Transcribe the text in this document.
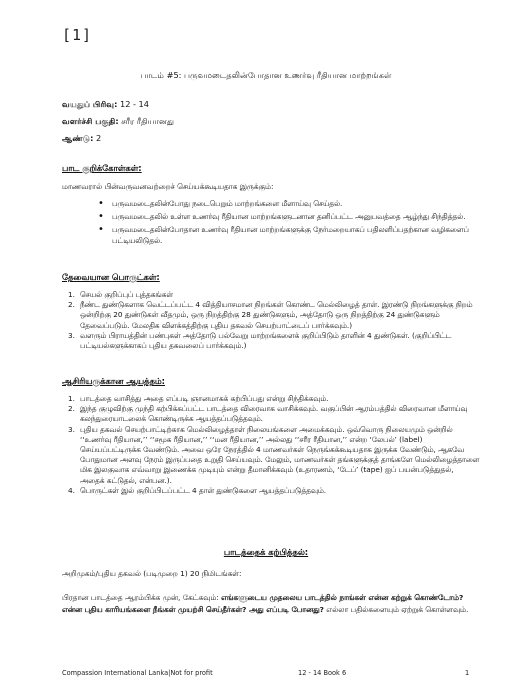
[1]
பாடம் #5: பருவமடைதலின்போதான உணர்வு ரீதியான மாற்றங்கள்
வயதுப் பிரிவு: 12 - 14
வளர்ச்சி பகுதி: சரீர ரீதியானது
ஆண்டு: 2
பாட குறிக்கோள்கள்:
மாணவரால் பின்வருவனவற்றைச் செய்யக்கூடியதாக இருக்கும்:
• பருவமடைதலின்போது நடைபெறும் மாற்றங்களை மீளாய்வு செய்தல்.
• பருவமடைதலில் உள்ள உணர்வு ரீதியான மாற்றங்களுடனான தனிப்பட்ட அனுபவத்தை ஆழ்ந்து சிந்தித்தல்.
• பருவமடைதலின்போதான உணர்வு ரீதியான மாற்றங்களுக்கு நேர்மறையாகப் பதிலளிப்பதற்கான வழிகளைப் பட்டியலிடுதல்.
தேவையான பொருட்கள்:
1. செயல் குறிப்புப் புத்தகங்கள்
2. நீண்ட துண்டுகளாக வெட்டப்பட்ட 4 வித்தியாசமான நிறங்கள் கொண்ட மெல்லிழைத் தாள். இரண்டு நிறங்களுக்கு நிறம் ஒன்றிற்கு 20 துண்டுகள் வீதமும், ஒரு நிறத்திற்கு 28 துண்டுகளும், அத்தோடு ஒரு நிறத்திற்கு 24 துண்டுகளும் தேவைப்படும். மேலதிக விளக்கத்திற்கு புதிய தகவல் செயற்பாட்டைப் பார்க்கவும்.)
3. வளரும் பிராயத்தின் பண்புகள் அத்தோடு பல்வேறு மாற்றங்களைக் குறிப்பிடும் தாளின் 4 துண்டுகள். (குறிப்பிட்ட பட்டியல்களுக்காகப் புதிய தகவலைப் பார்க்கவும்.)
ஆசிரியருக்கான ஆயத்தம்:
1. பாடத்தை வாசித்து அதை எப்படி ஞானமாகக் கற்பிப்பது என்று சிந்திக்கவும்.
2. இந்த குழுவிற்கு முந்தி கற்பிக்கப்பட்ட பாடத்தை விரைவாக வாசிக்கவும். வகுப்பின் ஆரம்பத்தில் விரைவான மீளாய்வு கலந்துரையாடலைக் கொண்டிருக்க ஆயத்தப்படுத்தவும்.
3. புதிய தகவல் செயற்பாட்டிற்காக மெல்லிழைத்தாள் நிலையங்களை அமைக்கவும். ஒவ்வொரு நிலையமும் ஒன்றில் ‘‘உணர்வு ரீதியான,’’ ‘‘சமூக ரீதியான,’’ ‘‘மன ரீதியான,’’ அல்லது ‘‘சரீர ரீதியான,’’ என்ற ‘லேபல்’ (label) செய்யப்பட்டிருக்க வேண்டும். அவை ஒரே நேரத்தில் 4 மாணவர்கள் நெருங்கக்கூடியதாக இருக்க வேண்டும், ஆகவே போதுமான அளவு நேரம் இருப்பதை உறுதி செய்யவும். மேலும், மாணவர்கள் தங்களுக்குத் தாங்களே மெல்லிழைத்தாளை மிக இலகுவாக எவ்வாறு இணைக்க முடியும் என்று தீமானிக்கவும் (உதாரணம், ‘டேப்’ (tape) ஐப் பயன்படுத்துதல், அதைக் கட்டுதல், என்பன.).
4. பொருட்கள் இல் குறிப்பிடப்பட்ட 4 தாள் துண்டுகளை ஆயத்தப்படுத்தவும்.
பாடத்தைக் கற்பித்தல்:
அறிமுகம்/புதிய தகவல் (படிமுறை 1) 20 நிமிடங்கள்:
பிரதான பாடத்தை ஆரம்பிக்க முன், கேட்கவும்: எங்களுடைய முதலைய பாடத்தில் நாங்கள் என்ன கற்றுக் கொண்டோம்? என்ன புதிய காரியங்களை நீங்கள் முயற்சி செய்தீர்கள்? அது எப்படி போனது? எல்லா பதில்களையும் ஏற்றுக் கொள்ளவும்.
Compassion International Lanka|Not for profit	12 - 14 Book 6	1
